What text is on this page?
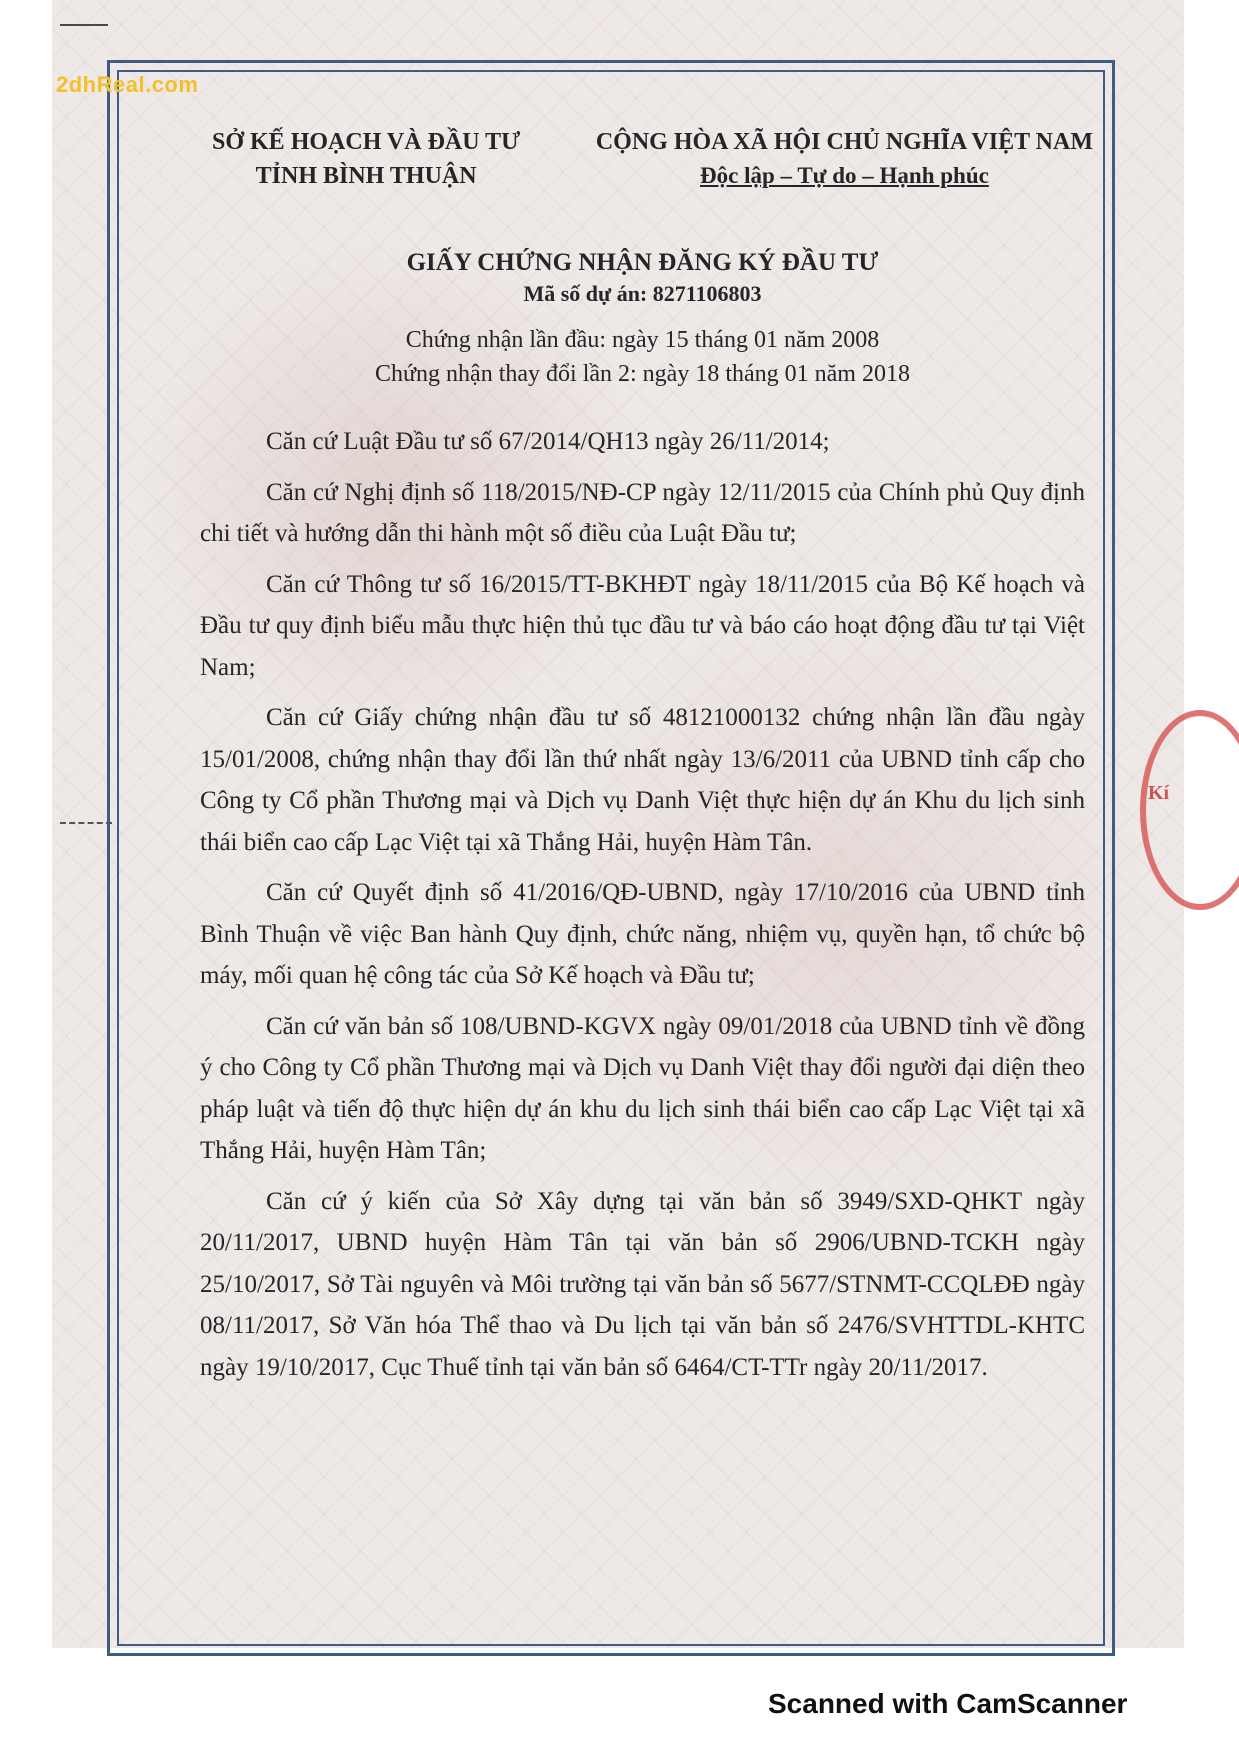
2dhReal.com
Kí
SỞ KẾ HOẠCH VÀ ĐẦU TƯ
TỈNH BÌNH THUẬN
CỘNG HÒA XÃ HỘI CHỦ NGHĨA VIỆT NAM
Độc lập – Tự do – Hạnh phúc
GIẤY CHỨNG NHẬN ĐĂNG KÝ ĐẦU TƯ
Mã số dự án: 8271106803
Chứng nhận lần đầu: ngày 15 tháng 01 năm 2008
Chứng nhận thay đổi lần 2: ngày 18 tháng 01 năm 2018

Căn cứ Luật Đầu tư số 67/2014/QH13 ngày 26/11/2014;

Căn cứ Nghị định số 118/2015/NĐ-CP ngày 12/11/2015 của Chính phủ Quy định chi tiết và hướng dẫn thi hành một số điều của Luật Đầu tư;

Căn cứ Thông tư số 16/2015/TT-BKHĐT ngày 18/11/2015 của Bộ Kế hoạch và Đầu tư quy định biểu mẫu thực hiện thủ tục đầu tư và báo cáo hoạt động đầu tư tại Việt Nam;

Căn cứ Giấy chứng nhận đầu tư số 48121000132 chứng nhận lần đầu ngày 15/01/2008, chứng nhận thay đổi lần thứ nhất ngày 13/6/2011 của UBND tỉnh cấp cho Công ty Cổ phần Thương mại và Dịch vụ Danh Việt thực hiện dự án Khu du lịch sinh thái biển cao cấp Lạc Việt tại xã Thắng Hải, huyện Hàm Tân.

Căn cứ Quyết định số 41/2016/QĐ-UBND, ngày 17/10/2016 của UBND tỉnh Bình Thuận về việc Ban hành Quy định, chức năng, nhiệm vụ, quyền hạn, tổ chức bộ máy, mối quan hệ công tác của Sở Kế hoạch và Đầu tư;

Căn cứ văn bản số 108/UBND-KGVX ngày 09/01/2018 của UBND tỉnh về đồng ý cho Công ty Cổ phần Thương mại và Dịch vụ Danh Việt thay đổi người đại diện theo pháp luật và tiến độ thực hiện dự án khu du lịch sinh thái biển cao cấp Lạc Việt tại xã Thắng Hải, huyện Hàm Tân;

Căn cứ ý kiến của Sở Xây dựng tại văn bản số 3949/SXD-QHKT ngày 20/11/2017, UBND huyện Hàm Tân tại văn bản số 2906/UBND-TCKH ngày 25/10/2017, Sở Tài nguyên và Môi trường tại văn bản số 5677/STNMT-CCQLĐĐ ngày 08/11/2017, Sở Văn hóa Thể thao và Du lịch tại văn bản số 2476/SVHTTDL-KHTC ngày 19/10/2017, Cục Thuế tỉnh tại văn bản số 6464/CT-TTr ngày 20/11/2017.

Scanned with CamScanner
